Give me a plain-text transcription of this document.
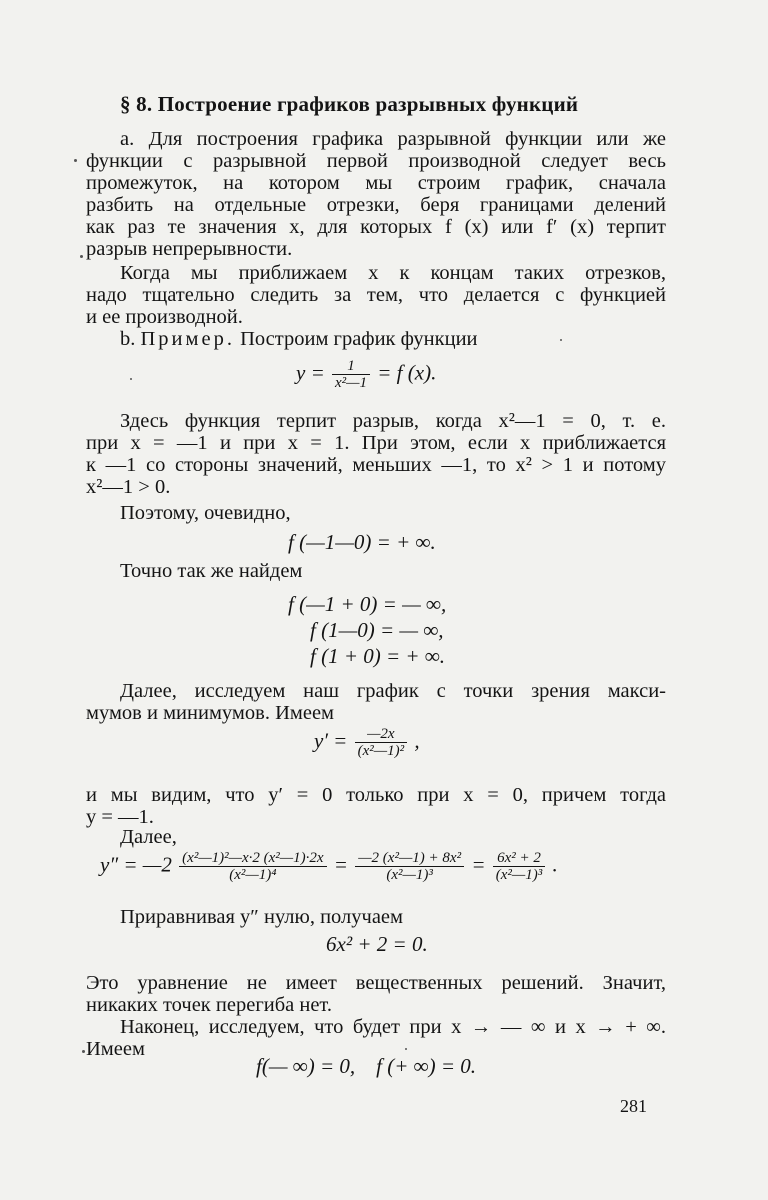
§ 8. Построение графиков разрывных функций
а. Для построения графика разрывной функции или же
функции с разрывной первой производной следует весь
промежуток, на котором мы строим график, сначала
разбить на отдельные отрезки, беря границами делений
как раз те значения x, для которых f (x) или f′ (x) терпит
разрыв непрерывности.
Когда мы приближаем x к концам таких отрезков,
надо тщательно следить за тем, что делается с функцией
и ее производной.
b. Пример. Построим график функции
$y = \frac{1}{\text{x²—1}} = f$ (x).
Здесь функция терпит разрыв, когда x²—1 = 0, т. е.
при x = —1 и при x = 1. При этом, если x приближается
к —1 со стороны значений, меньших —1, то x² > 1 и потому
x²—1 > 0.
Поэтому, очевидно,
f (—1—0) = + ∞.
Точно так же найдем
f (—1 + 0) = — ∞,
f (1—0) = — ∞,
f (1 + 0) = + ∞.
Далее, исследуем наш график с точки зрения макси-
мумов и минимумов. Имеем
$y' = \frac{—2x}{\text{(x²—1)²}}$ ,
и мы видим, что y′ = 0 только при x = 0, причем тогда
y = —1.
Далее,
y″ = —2 $\frac{\text{(x²—1)²—x·2 (x²—1)·2x}}{\text{(x²—1)⁴}} = \frac{\text{—2 (x²—1) + 8x²}}{\text{(x²—1)³}} = \frac{\text{6x² + 2}}{\text{(x²—1)³}}$ .
Приравнивая y″ нулю, получаем
6x² + 2 = 0.
Это уравнение не имеет вещественных решений. Значит,
никаких точек перегиба нет.
Наконец, исследуем, что будет при x → — ∞ и x → + ∞.
Имеем
f(— ∞) = 0,    f (+ ∞) = 0.
281
